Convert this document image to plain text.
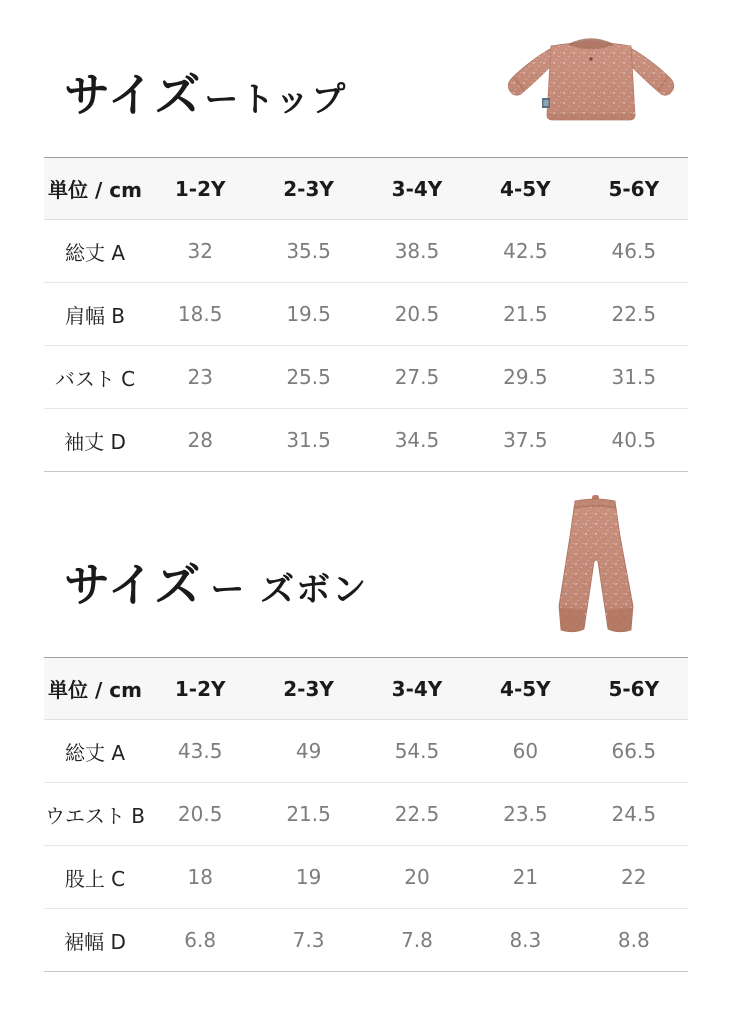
サイズ ートップ
単位 / cm	1-2Y	2-3Y	3-4Y	4-5Y	5-6Y
総丈 A	32	35.5	38.5	42.5	46.5
肩幅 B	18.5	19.5	20.5	21.5	22.5
バスト C	23	25.5	27.5	29.5	31.5
袖丈 D	28	31.5	34.5	37.5	40.5
サイズ ー ズボン
単位 / cm	1-2Y	2-3Y	3-4Y	4-5Y	5-6Y
総丈 A	43.5	49	54.5	60	66.5
ウエスト B	20.5	21.5	22.5	23.5	24.5
股上 C	18	19	20	21	22
裾幅 D	6.8	7.3	7.8	8.3	8.8
